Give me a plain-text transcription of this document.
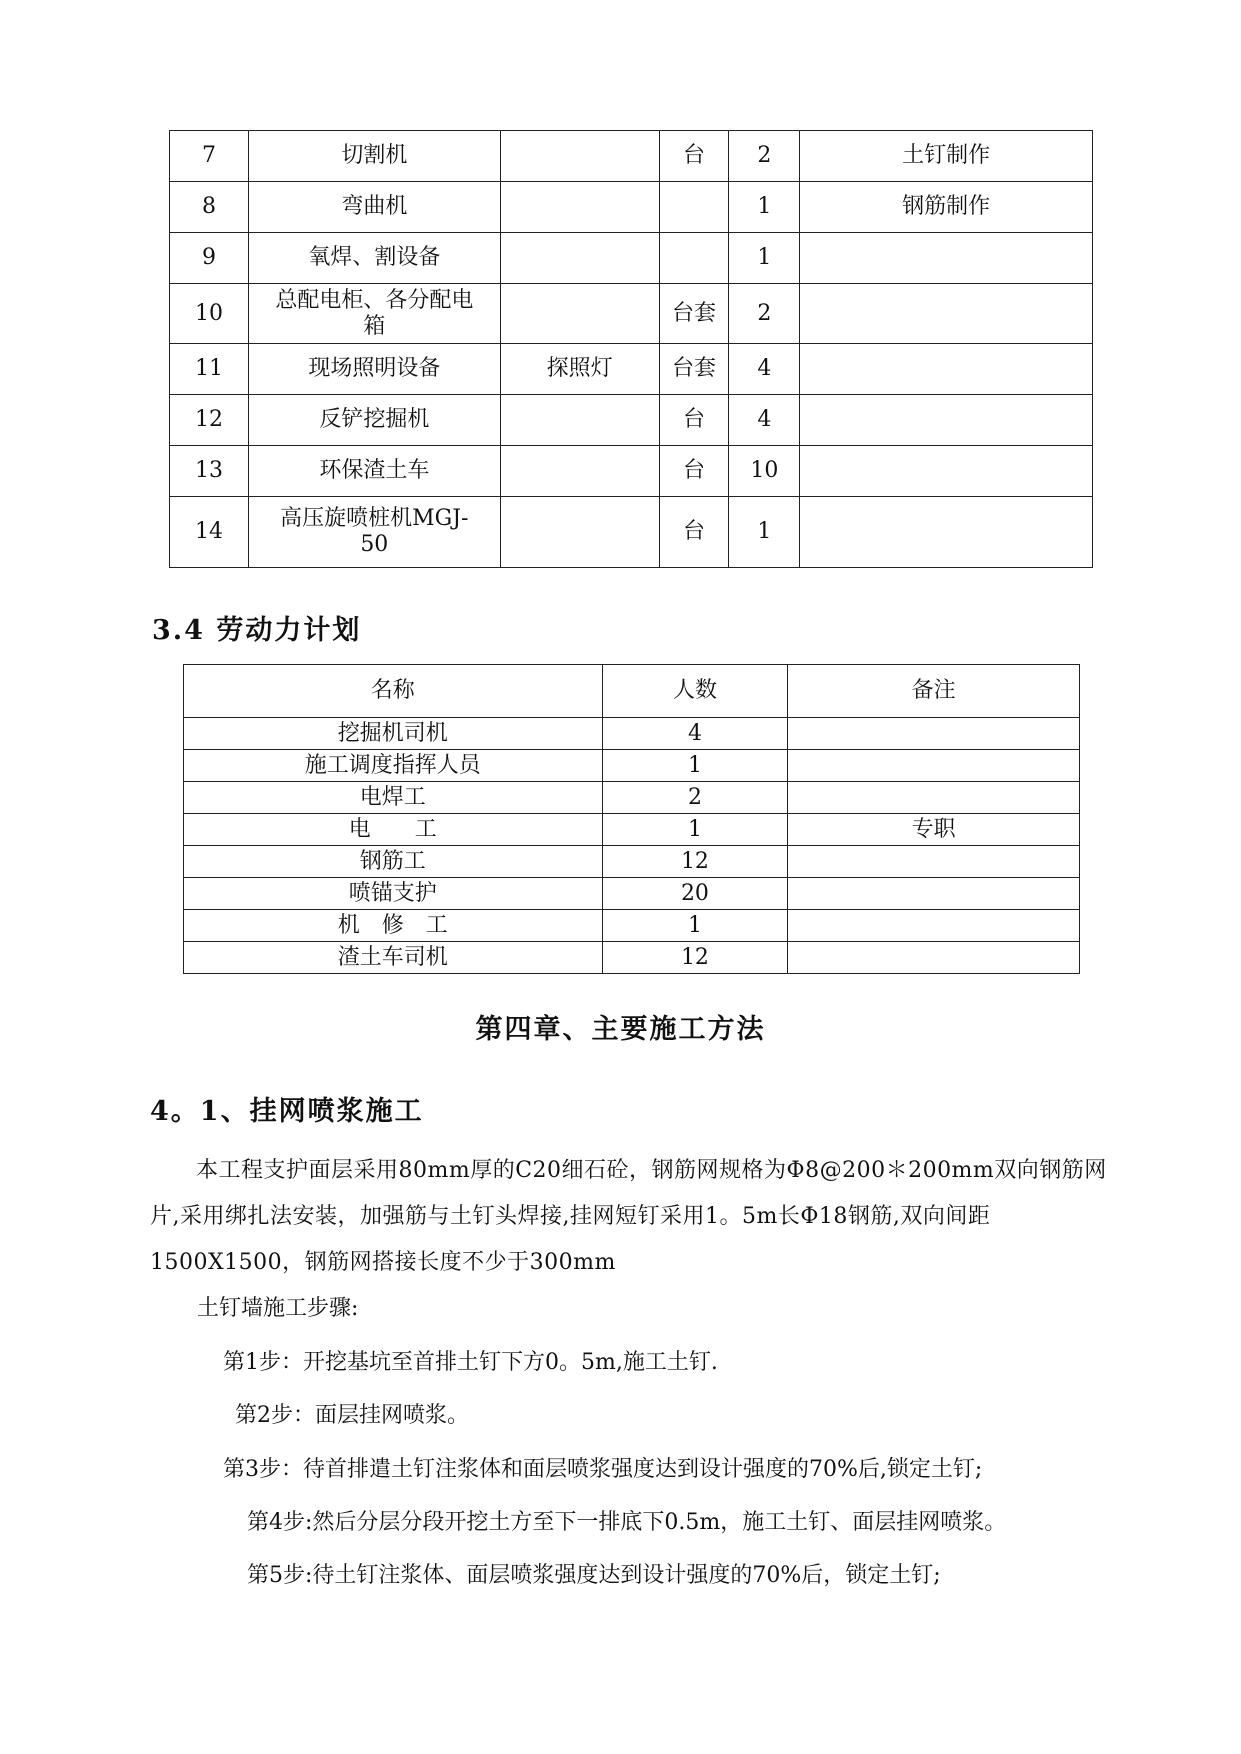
7	切割机		台	2	土钉制作
8	弯曲机			1	钢筋制作
9	氧焊、割设备			1	
10	总配电柜、各分配电箱		台套	2	
11	现场照明设备	探照灯	台套	4	
12	反铲挖掘机		台	4	
13	环保渣土车		台	10	
14	高压旋喷桩机MGJ-50		台	1	
3.4 劳动力计划
名称	人数	备注
挖掘机司机	4	
施工调度指挥人员	1	
电焊工	2	
电　　工	1	专职
钢筋工	12	
喷锚支护	20	
机　修　工	1	
渣土车司机	12	
第四章、主要施工方法
4。1、挂网喷浆施工
本工程支护面层采用80mm厚的C20细石砼，钢筋网规格为Φ8@200＊200mm双向钢筋网片,采用绑扎法安装，加强筋与土钉头焊接,挂网短钉采用1。5m长Φ18钢筋,双向间距1500X1500，钢筋网搭接长度不少于300mm
土钉墙施工步骤:
第1步：开挖基坑至首排土钉下方0。5m,施工土钉.
第2步：面层挂网喷浆。
第3步：待首排遣土钉注浆体和面层喷浆强度达到设计强度的70%后,锁定土钉;
第4步:然后分层分段开挖土方至下一排底下0.5m，施工土钉、面层挂网喷浆。
第5步:待土钉注浆体、面层喷浆强度达到设计强度的70%后，锁定土钉;
